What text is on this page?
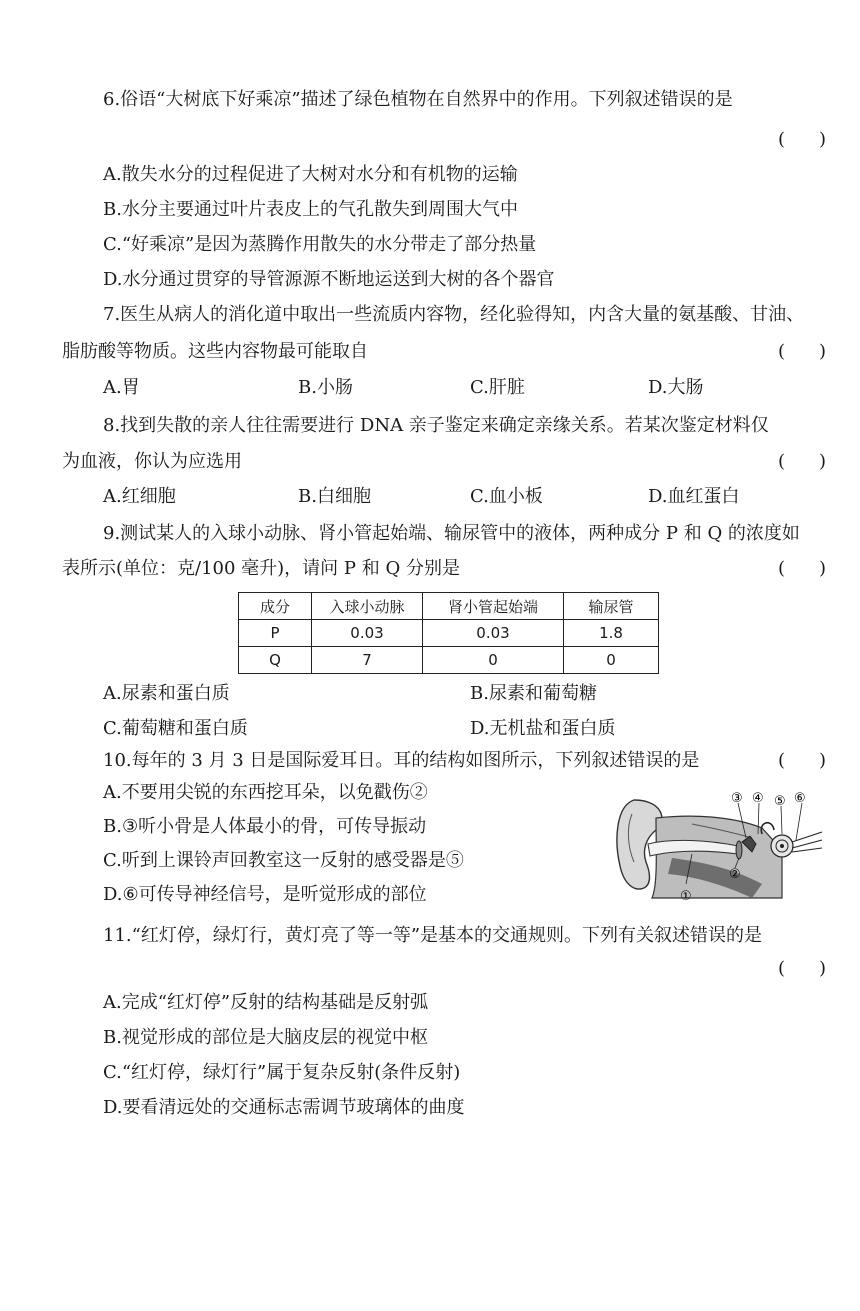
6.俗语“大树底下好乘凉”描述了绿色植物在自然界中的作用。下列叙述错误的是
( )
A.散失水分的过程促进了大树对水分和有机物的运输
B.水分主要通过叶片表皮上的气孔散失到周围大气中
C.“好乘凉”是因为蒸腾作用散失的水分带走了部分热量
D.水分通过贯穿的导管源源不断地运送到大树的各个器官
7.医生从病人的消化道中取出一些流质内容物，经化验得知，内含大量的氨基酸、甘油、
脂肪酸等物质。这些内容物最可能取自	( )
A.胃	B.小肠	C.肝脏	D.大肠
8.找到失散的亲人往往需要进行 DNA 亲子鉴定来确定亲缘关系。若某次鉴定材料仅
为血液，你认为应选用	( )
A.红细胞	B.白细胞	C.血小板	D.血红蛋白
9.测试某人的入球小动脉、肾小管起始端、输尿管中的液体，两种成分 P 和 Q 的浓度如
表所示(单位：克/100 毫升)，请问 P 和 Q 分别是	( )
成分	入球小动脉	肾小管起始端	输尿管
P	0.03	0.03	1.8
Q	7	0	0
A.尿素和蛋白质	B.尿素和葡萄糖
C.葡萄糖和蛋白质	D.无机盐和蛋白质
10.每年的 3 月 3 日是国际爱耳日。耳的结构如图所示，下列叙述错误的是	( )
A.不要用尖锐的东西挖耳朵，以免戳伤②
B.③听小骨是人体最小的骨，可传导振动
C.听到上课铃声回教室这一反射的感受器是⑤
D.⑥可传导神经信号，是听觉形成的部位
③ ④ ⑤ ⑥
②
①
11.“红灯停，绿灯行，黄灯亮了等一等”是基本的交通规则。下列有关叙述错误的是
( )
A.完成“红灯停”反射的结构基础是反射弧
B.视觉形成的部位是大脑皮层的视觉中枢
C.“红灯停，绿灯行”属于复杂反射(条件反射)
D.要看清远处的交通标志需调节玻璃体的曲度
